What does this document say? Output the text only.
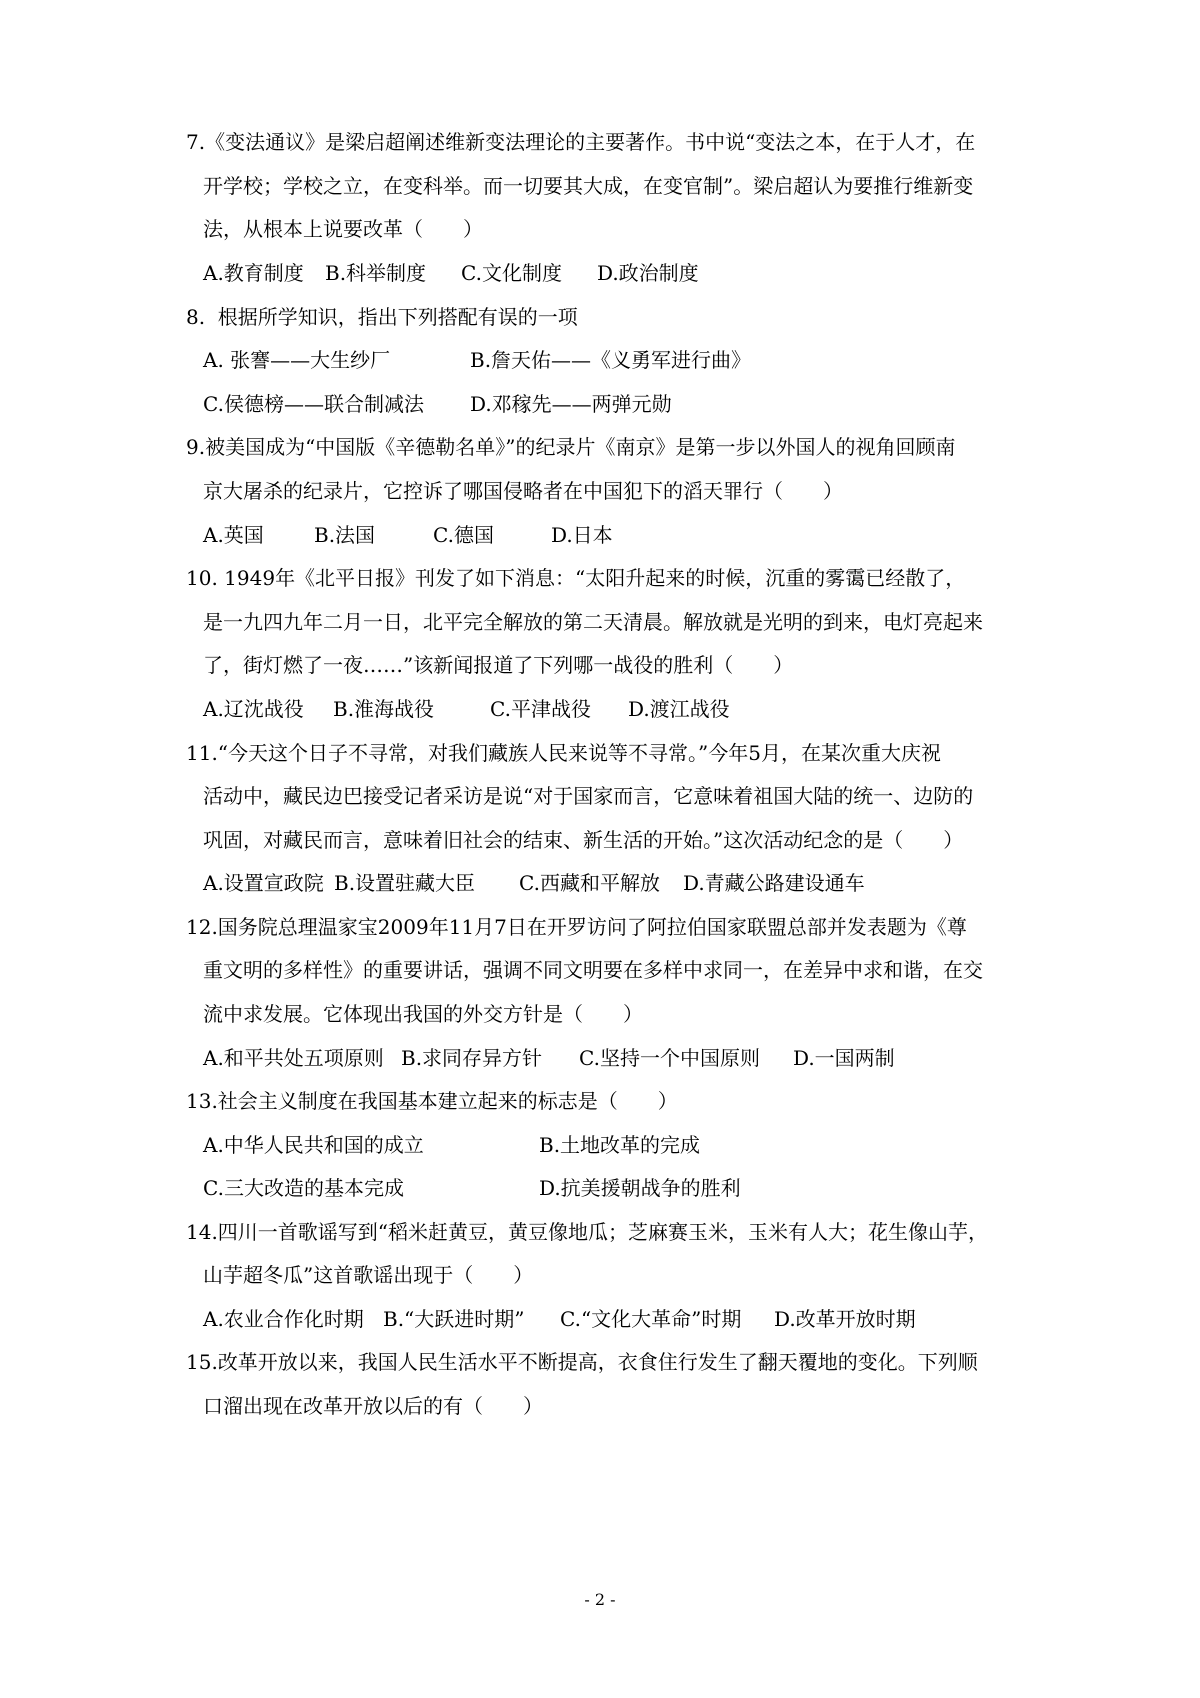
7.《变法通议》是梁启超阐述维新变法理论的主要著作。书中说“变法之本，在于人才，在
开学校；学校之立，在变科举。而一切要其大成，在变官制”。梁启超认为要推行维新变
法，从根本上说要改革（　　）
A.教育制度 B.科举制度 C.文化制度 D.政治制度
8.  根据所学知识，指出下列搭配有误的一项
A. 张謇——大生纱厂	B.詹天佑——《义勇军进行曲》
C.侯德榜——联合制减法 D.邓稼先——两弹元勋
9.被美国成为“中国版《辛德勒名单》”的纪录片《南京》是第一步以外国人的视角回顾南
京大屠杀的纪录片，它控诉了哪国侵略者在中国犯下的滔天罪行（　　）
A.英国	B.法国	C.德国	D.日本
10. 1949年《北平日报》刊发了如下消息：“太阳升起来的时候，沉重的雾霭已经散了，
是一九四九年二月一日，北平完全解放的第二天清晨。解放就是光明的到来，电灯亮起来
了，街灯燃了一夜……”该新闻报道了下列哪一战役的胜利（　　）
A.辽沈战役 B.淮海战役	C.平津战役 D.渡江战役
11.“今天这个日子不寻常，对我们藏族人民来说等不寻常。”今年5月，在某次重大庆祝
活动中，藏民边巴接受记者采访是说“对于国家而言，它意味着祖国大陆的统一、边防的
巩固，对藏民而言，意味着旧社会的结束、新生活的开始。”这次活动纪念的是（　　）
A.设置宣政院 B.设置驻藏大臣 C.西藏和平解放 D.青藏公路建设通车
12.国务院总理温家宝2009年11月7日在开罗访问了阿拉伯国家联盟总部并发表题为《尊
重文明的多样性》的重要讲话，强调不同文明要在多样中求同一，在差异中求和谐，在交
流中求发展。它体现出我国的外交方针是（　　）
A.和平共处五项原则 B.求同存异方针 C.坚持一个中国原则 D.一国两制
13.社会主义制度在我国基本建立起来的标志是（　　）
A.中华人民共和国的成立	B.土地改革的完成
C.三大改造的基本完成	D.抗美援朝战争的胜利
14.四川一首歌谣写到“稻米赶黄豆，黄豆像地瓜；芝麻赛玉米，玉米有人大；花生像山芋，
山芋超冬瓜”这首歌谣出现于（　　）
A.农业合作化时期 B.“大跃进时期” C.“文化大革命”时期 D.改革开放时期
15.改革开放以来，我国人民生活水平不断提高，衣食住行发生了翻天覆地的变化。下列顺
口溜出现在改革开放以后的有（　　）
- 2 -
